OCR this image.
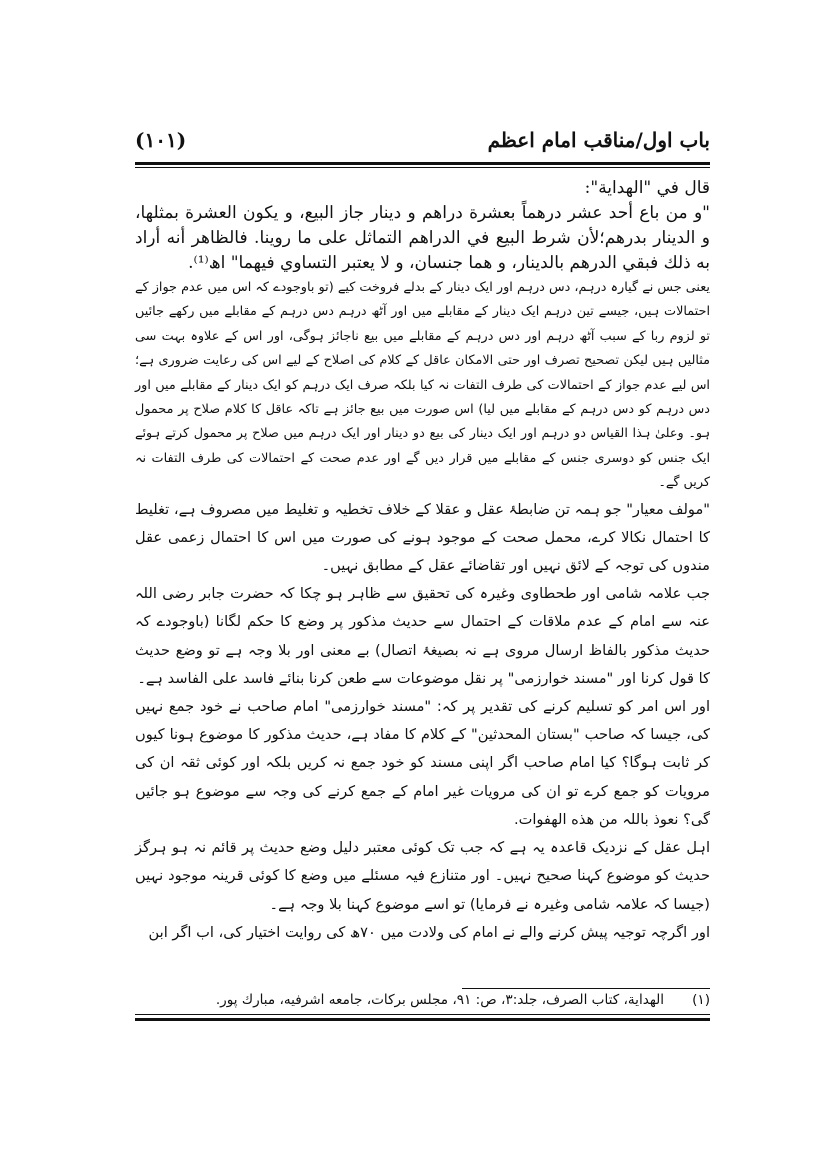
باب اول/مناقب امام اعظم
(۱۰۱)

قال في "الهداية":

"و من باع أحد عشر درهماً بعشرة دراهم و دينار جاز البيع، و يكون العشرة بمثلها، و الدينار بدرهم؛لأن شرط البيع في الدراهم التماثل على ما روينا. فالظاهر أنه أراد به ذلك فبقي الدرهم بالدينار، و هما جنسان، و لا يعتبر التساوي فيهما" اھ⁽¹⁾.

یعنی جس نے گیارہ درہم، دس درہم اور ایک دینار کے بدلے فروخت کیے (تو باوجودے کہ اس میں عدم جواز کے احتمالات ہیں، جیسے تین درہم ایک دینار کے مقابلے میں اور آٹھ درہم دس درہم کے مقابلے میں رکھے جائیں تو لزوم ربا کے سبب آٹھ درہم اور دس درہم کے مقابلے میں بیع ناجائز ہوگی، اور اس کے علاوہ بہت سی مثالیں ہیں لیکن تصحیح تصرف اور حتی الامکان عاقل کے کلام کی اصلاح کے لیے اس کی رعایت ضروری ہے؛ اس لیے عدم جواز کے احتمالات کی طرف التفات نہ کیا بلکہ صرف ایک درہم کو ایک دینار کے مقابلے میں اور دس درہم کو دس درہم کے مقابلے میں لیا) اس صورت میں بیع جائز ہے تاکہ عاقل کا کلام صلاح پر محمول ہو۔ وعلیٰ ہذا القیاس دو درہم اور ایک دینار کی بیع دو دینار اور ایک درہم میں صلاح پر محمول کرتے ہوئے ایک جنس کو دوسری جنس کے مقابلے میں قرار دیں گے اور عدم صحت کے احتمالات کی طرف التفات نہ کریں گے۔

"مولف معیار" جو ہمہ تن ضابطۂ عقل و عقلا کے خلاف تخطیہ و تغلیط میں مصروف ہے، تغلیط کا احتمال نکالا کرے، محمل صحت کے موجود ہونے کی صورت میں اس کا احتمال زعمی عقل مندوں کی توجہ کے لائق نہیں اور تقاضائے عقل کے مطابق نہیں۔

جب علامہ شامی اور طحطاوی وغیرہ کی تحقیق سے ظاہر ہو چکا کہ حضرت جابر رضی اللہ عنہ سے امام کے عدم ملاقات کے احتمال سے حدیث مذکور پر وضع کا حکم لگانا (باوجودے کہ حدیث مذکور بالفاظ ارسال مروی ہے نہ بصیغۂ اتصال) بے معنی اور بلا وجہ ہے تو وضع حدیث کا قول کرنا اور "مسند خوارزمی" پر نقل موضوعات سے طعن کرنا بنائے فاسد علی الفاسد ہے۔

اور اس امر کو تسلیم کرنے کی تقدیر پر کہ: "مسند خوارزمی" امام صاحب نے خود جمع نہیں کی، جیسا کہ صاحب "بستان المحدثین" کے کلام کا مفاد ہے، حدیث مذکور کا موضوع ہونا کیوں کر ثابت ہوگا؟ کیا امام صاحب اگر اپنی مسند کو خود جمع نہ کریں بلکہ اور کوئی ثقہ ان کی مرویات کو جمع کرے تو ان کی مرویات غیر امام کے جمع کرنے کی وجہ سے موضوع ہو جائیں گی؟ نعوذ باللہ من هذه الهفوات.

اہل عقل کے نزدیک قاعدہ یہ ہے کہ جب تک کوئی معتبر دلیل وضع حدیث پر قائم نہ ہو ہرگز حدیث کو موضوع کہنا صحیح نہیں۔ اور متنازع فیہ مسئلے میں وضع کا کوئی قرینہ موجود نہیں (جیسا کہ علامہ شامی وغیرہ نے فرمایا) تو اسے موضوع کہنا بلا وجہ ہے۔

اور اگرچہ توجیہ پیش کرنے والے نے امام کی ولادت میں ۷۰ھ کی روایت اختیار کی، اب اگر ابن

(۱)الهداية، كتاب الصرف، جلد:۳، ص: ۹۱، مجلس بركات، جامعه اشرفيه، مبارك پور.
